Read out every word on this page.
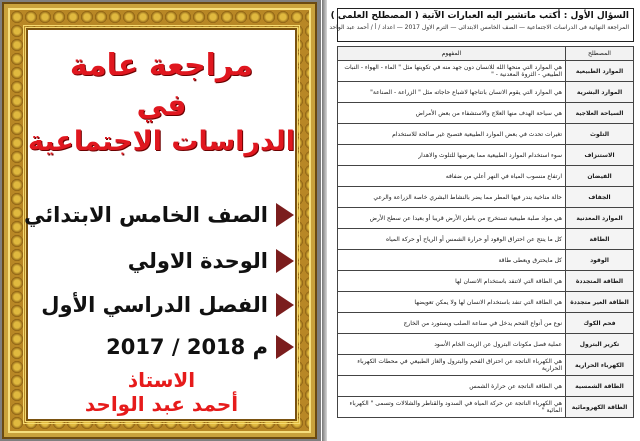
مراجعة عامة
في
الدراسات الاجتماعية
الصف الخامس الابتدائي
الوحدة الاولي
الفصل الدراسي الأول
2017 / 2018 م
الاستاذ
أحمد عبد الواحد
السؤال الأول : أكتب ماتشير اليه العبارات الآتية ( المصطلح العلمى )
المراجعة النهائية فى الدراسات الاجتماعية — الصف الخامس الابتدائى — الترم الاول 2017 — اعداد / أ / أحمد عبد الواحد
المصطلح	المفهوم
الموارد الطبيعية	هي الموارد التي منحها الله للانسان دون جهد منه في تكوينها مثل " الماء - الهواء - النبات الطبيعي - الثروة المعدنية - "
الموارد البشرية	هي الموارد التي يقوم الانسان بانتاجها لاشباع حاجاته مثل " الزراعة - الصناعة"
السياحة العلاجية	هي سياحة الهدف منها العلاج والاستشفاء من بعض الأمراض
التلوث	تغيرات تحدث في بعض الموارد الطبيعية فتصبح غير صالحة للاستخدام
الاستنزاف	سوء استخدام الموارد الطبيعية مما يعرضها للتلوث والاهدار
الفيضان	ارتفاع منسوب المياه في النهر أعلي من ضفافه
الجفاف	حالة مناخية يندر فيها المطر مما يضر بالنشاط البشري خاصة الزراعة والرعي
الموارد المعدنية	هي مواد صلبة طبيعية تستخرج من باطن الأرض قريبا أو بعيدا عن سطح الأرض
الطاقة	كل ما ينتج عن احتراق الوقود أو حرارة الشمس أو الرياح أو حركة المياه
الوقود	كل مايحترق ويعطى طاقة
الطاقة المتجددة	هي الطاقة التي لاتنفد باستخدام الانسان لها
الطاقة الغير متجددة	هي الطاقة التي تنفد باستخدام الانسان لها ولا يمكن تعويضها
فحم الكوك	نوع من أنواع الفحم يدخل في صناعة الصلب ويستورد من الخارج
تكرير البترول	عملية فصل مكونات البترول عن الزيت الخام الأسود
الكهرباء الحرارية	هي الكهرباء الناتجة عن احتراق الفحم والبترول والغاز الطبيعي في محطات الكهرباء الحرارية
الطاقة الشمسية	هي الطاقة الناتجة عن حرارة الشمس
الطاقة الكهرومائية	هي الكهرباء الناتجة عن حركة المياه في السدود والقناطر والشلالات وتسمى " الكهرباء المائية "
